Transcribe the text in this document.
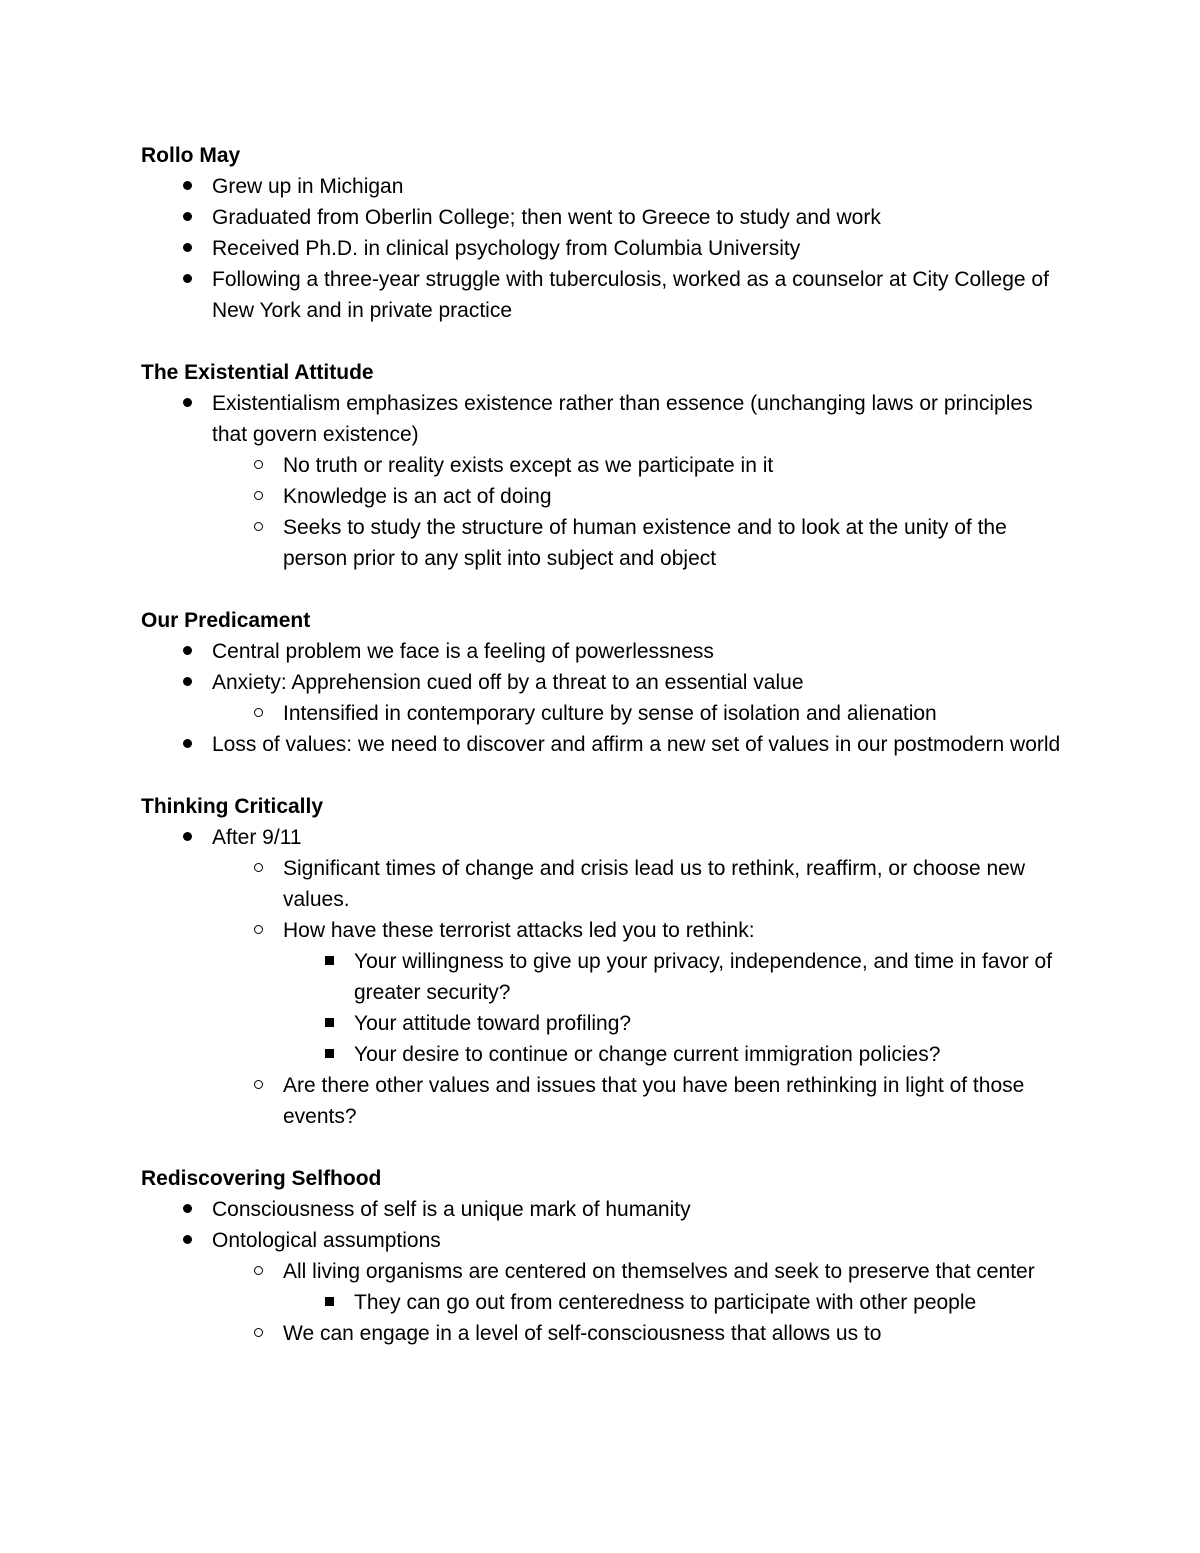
Rollo May

Grew up in Michigan
Graduated from Oberlin College; then went to Greece to study and work
Received Ph.D. in clinical psychology from Columbia University
Following a three-year struggle with tuberculosis, worked as a counselor at City College of New York and in private practice

The Existential Attitude

Existentialism emphasizes existence rather than essence (unchanging laws or principles that govern existence)
No truth or reality exists except as we participate in it
Knowledge is an act of doing
Seeks to study the structure of human existence and to look at the unity of the person prior to any split into subject and object

Our Predicament

Central problem we face is a feeling of powerlessness
Anxiety: Apprehension cued off by a threat to an essential value
Intensified in contemporary culture by sense of isolation and alienation
Loss of values: we need to discover and affirm a new set of values in our postmodern world

Thinking Critically

After 9/11
Significant times of change and crisis lead us to rethink, reaffirm, or choose new values.
How have these terrorist attacks led you to rethink:
Your willingness to give up your privacy, independence, and time in favor of greater security?
Your attitude toward profiling?
Your desire to continue or change current immigration policies?
Are there other values and issues that you have been rethinking in light of those events?

Rediscovering Selfhood

Consciousness of self is a unique mark of humanity
Ontological assumptions
All living organisms are centered on themselves and seek to preserve that center
They can go out from centeredness to participate with other people
We can engage in a level of self-consciousness that allows us to
